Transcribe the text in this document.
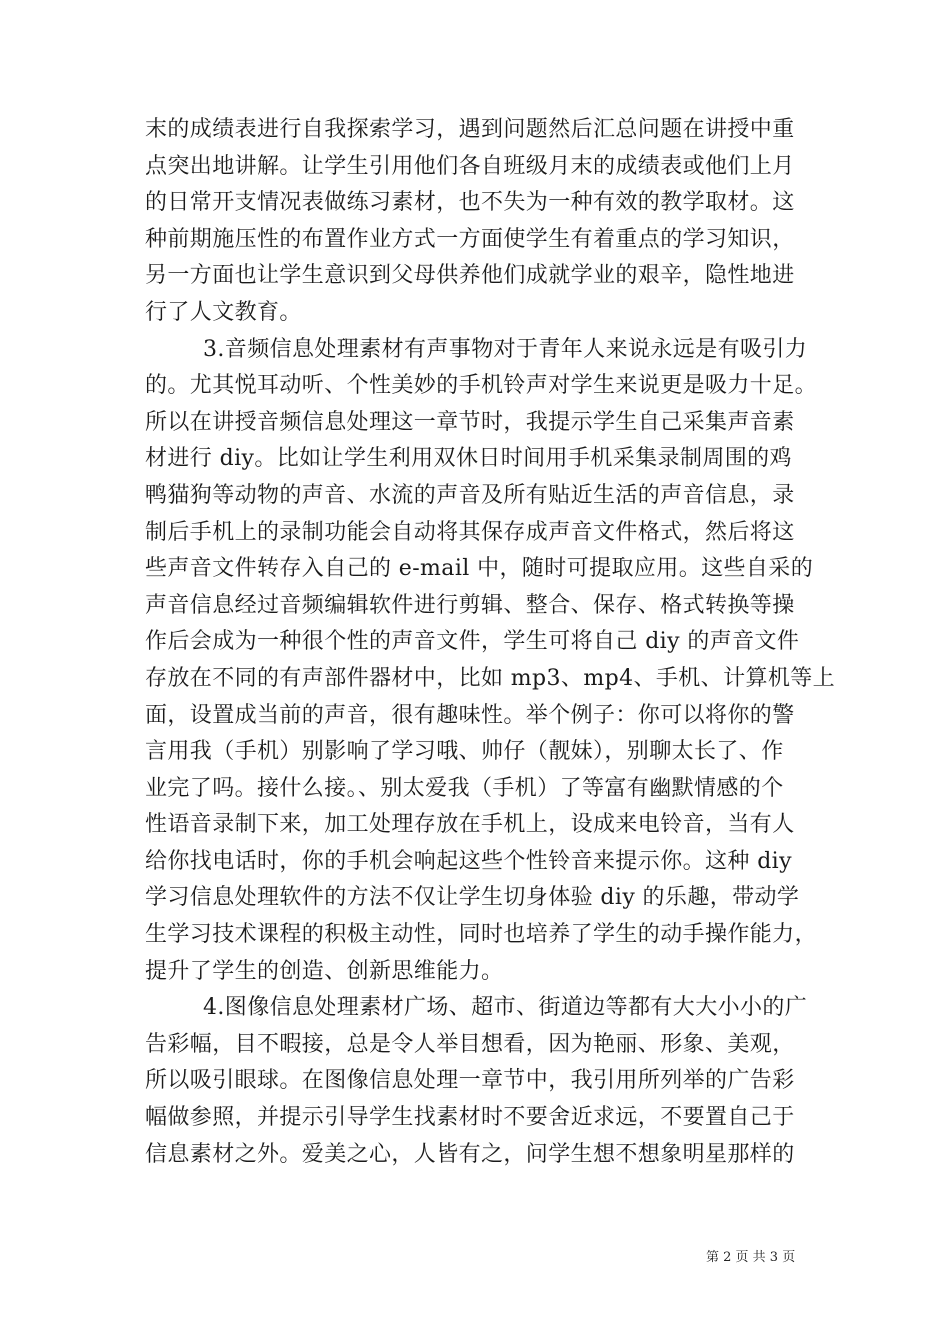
末的成绩表进行自我探索学习，遇到问题然后汇总问题在讲授中重
点突出地讲解。让学生引用他们各自班级月末的成绩表或他们上月
的日常开支情况表做练习素材，也不失为一种有效的教学取材。这
种前期施压性的布置作业方式一方面使学生有着重点的学习知识，
另一方面也让学生意识到父母供养他们成就学业的艰辛，隐性地进
行了人文教育。
3.音频信息处理素材有声事物对于青年人来说永远是有吸引力
的。尤其悦耳动听、个性美妙的手机铃声对学生来说更是吸力十足。
所以在讲授音频信息处理这一章节时，我提示学生自己采集声音素
材进行 diy。比如让学生利用双休日时间用手机采集录制周围的鸡
鸭猫狗等动物的声音、水流的声音及所有贴近生活的声音信息，录
制后手机上的录制功能会自动将其保存成声音文件格式，然后将这
些声音文件转存入自己的 e-mail 中，随时可提取应用。这些自采的
声音信息经过音频编辑软件进行剪辑、整合、保存、格式转换等操
作后会成为一种很个性的声音文件，学生可将自己 diy 的声音文件
存放在不同的有声部件器材中，比如 mp3、mp4、手机、计算机等上
面，设置成当前的声音，很有趣味性。举个例子：你可以将你的警
言用我（手机）别影响了学习哦、帅仔（靓妹），别聊太长了、作
业完了吗。接什么接。、别太爱我（手机）了等富有幽默情感的个
性语音录制下来，加工处理存放在手机上，设成来电铃音，当有人
给你找电话时，你的手机会响起这些个性铃音来提示你。这种 diy
学习信息处理软件的方法不仅让学生切身体验 diy 的乐趣，带动学
生学习技术课程的积极主动性，同时也培养了学生的动手操作能力，
提升了学生的创造、创新思维能力。
4.图像信息处理素材广场、超市、街道边等都有大大小小的广
告彩幅，目不暇接，总是令人举目想看，因为艳丽、形象、美观，
所以吸引眼球。在图像信息处理一章节中，我引用所列举的广告彩
幅做参照，并提示引导学生找素材时不要舍近求远，不要置自己于
信息素材之外。爱美之心，人皆有之，问学生想不想象明星那样的
第 2 页 共 3 页
